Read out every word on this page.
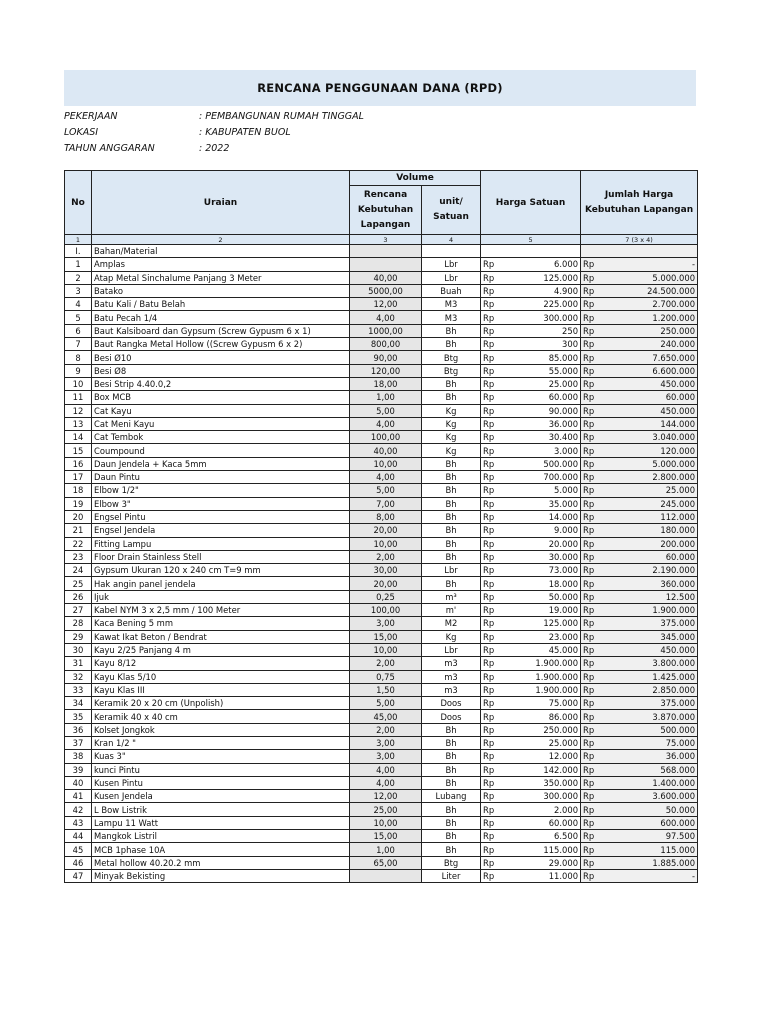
RENCANA PENGGUNAAN DANA (RPD)
PEKERJAAN	: PEMBANGUNAN RUMAH TINGGAL
LOKASI	: KABUPATEN BUOL
TAHUN ANGGARAN	: 2022
No	Uraian	Volume		Harga Satuan		Jumlah Harga Kebutuhan Lapangan	
		Rencana Kebutuhan Lapangan	unit/ Satuan				
1	2	3	4	5		7 (3 x 4)	
I.	Bahan/Material						
1	Amplas		Lbr	Rp	6.000	Rp	-
2	Atap Metal Sinchalume Panjang 3 Meter	40,00	Lbr	Rp	125.000	Rp	5.000.000
3	Batako	5000,00	Buah	Rp	4.900	Rp	24.500.000
4	Batu Kali / Batu Belah	12,00	M3	Rp	225.000	Rp	2.700.000
5	Batu Pecah 1/4	4,00	M3	Rp	300.000	Rp	1.200.000
6	Baut Kalsiboard dan Gypsum (Screw Gypusm 6 x 1)	1000,00	Bh	Rp	250	Rp	250.000
7	Baut Rangka Metal Hollow ((Screw Gypusm 6 x 2)	800,00	Bh	Rp	300	Rp	240.000
8	Besi Ø10	90,00	Btg	Rp	85.000	Rp	7.650.000
9	Besi Ø8	120,00	Btg	Rp	55.000	Rp	6.600.000
10	Besi Strip 4.40.0,2	18,00	Bh	Rp	25.000	Rp	450.000
11	Box MCB	1,00	Bh	Rp	60.000	Rp	60.000
12	Cat Kayu	5,00	Kg	Rp	90.000	Rp	450.000
13	Cat Meni Kayu	4,00	Kg	Rp	36.000	Rp	144.000
14	Cat Tembok	100,00	Kg	Rp	30.400	Rp	3.040.000
15	Coumpound	40,00	Kg	Rp	3.000	Rp	120.000
16	Daun Jendela + Kaca 5mm	10,00	Bh	Rp	500.000	Rp	5.000.000
17	Daun Pintu	4,00	Bh	Rp	700.000	Rp	2.800.000
18	Elbow 1/2"	5,00	Bh	Rp	5.000	Rp	25.000
19	Elbow 3"	7,00	Bh	Rp	35.000	Rp	245.000
20	Engsel Pintu	8,00	Bh	Rp	14.000	Rp	112.000
21	Engsel Jendela	20,00	Bh	Rp	9.000	Rp	180.000
22	Fitting Lampu	10,00	Bh	Rp	20.000	Rp	200.000
23	Floor Drain Stainless Stell	2,00	Bh	Rp	30.000	Rp	60.000
24	Gypsum Ukuran 120 x 240 cm T=9 mm	30,00	Lbr	Rp	73.000	Rp	2.190.000
25	Hak angin panel jendela	20,00	Bh	Rp	18.000	Rp	360.000
26	Ijuk	0,25	m³	Rp	50.000	Rp	12.500
27	Kabel NYM 3 x 2,5 mm / 100 Meter	100,00	m'	Rp	19.000	Rp	1.900.000
28	Kaca Bening 5 mm	3,00	M2	Rp	125.000	Rp	375.000
29	Kawat Ikat Beton / Bendrat	15,00	Kg	Rp	23.000	Rp	345.000
30	Kayu 2/25 Panjang 4 m	10,00	Lbr	Rp	45.000	Rp	450.000
31	Kayu 8/12	2,00	m3	Rp	1.900.000	Rp	3.800.000
32	Kayu Klas 5/10	0,75	m3	Rp	1.900.000	Rp	1.425.000
33	Kayu Klas III	1,50	m3	Rp	1.900.000	Rp	2.850.000
34	Keramik 20 x 20 cm (Unpolish)	5,00	Doos	Rp	75.000	Rp	375.000
35	Keramik 40 x 40 cm	45,00	Doos	Rp	86.000	Rp	3.870.000
36	Kolset Jongkok	2,00	Bh	Rp	250.000	Rp	500.000
37	Kran 1/2 "	3,00	Bh	Rp	25.000	Rp	75.000
38	Kuas 3"	3,00	Bh	Rp	12.000	Rp	36.000
39	kunci Pintu	4,00	Bh	Rp	142.000	Rp	568.000
40	Kusen Pintu	4,00	Bh	Rp	350.000	Rp	1.400.000
41	Kusen Jendela	12,00	Lubang	Rp	300.000	Rp	3.600.000
42	L Bow Listrik	25,00	Bh	Rp	2.000	Rp	50.000
43	Lampu 11 Watt	10,00	Bh	Rp	60.000	Rp	600.000
44	Mangkok Listril	15,00	Bh	Rp	6.500	Rp	97.500
45	MCB 1phase 10A	1,00	Bh	Rp	115.000	Rp	115.000
46	Metal hollow 40.20.2 mm	65,00	Btg	Rp	29.000	Rp	1.885.000
47	Minyak Bekisting		Liter	Rp	11.000	Rp	-
